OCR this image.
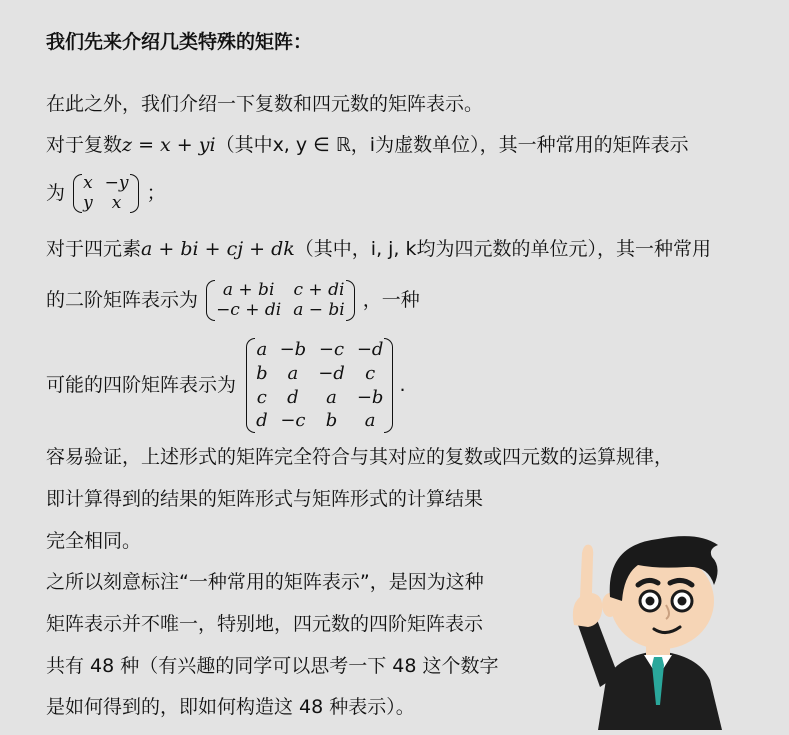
我们先来介绍几类特殊的矩阵：
在此之外，我们介绍一下复数和四元数的矩阵表示。
对于复数z = x + yi（其中x, y ∈ ℝ，i为虚数单位），其一种常用的矩阵表示
为 x	−y
y	x ；
对于四元素a + bi + cj + dk（其中，i, j, k均为四元数的单位元），其一种常用
的二阶矩阵表示为 a + bi	c + di
−c + di	a − bi ，一种
可能的四阶矩阵表示为
a	−b	−c	−d
b	a	−d	c
c	d	a	−b
d	−c	b	a
.
容易验证，上述形式的矩阵完全符合与其对应的复数或四元数的运算规律，
即计算得到的结果的矩阵形式与矩阵形式的计算结果
完全相同。
之所以刻意标注“一种常用的矩阵表示”，是因为这种
矩阵表示并不唯一，特别地，四元数的四阶矩阵表示
共有 48 种（有兴趣的同学可以思考一下 48 这个数字
是如何得到的，即如何构造这 48 种表示）。
